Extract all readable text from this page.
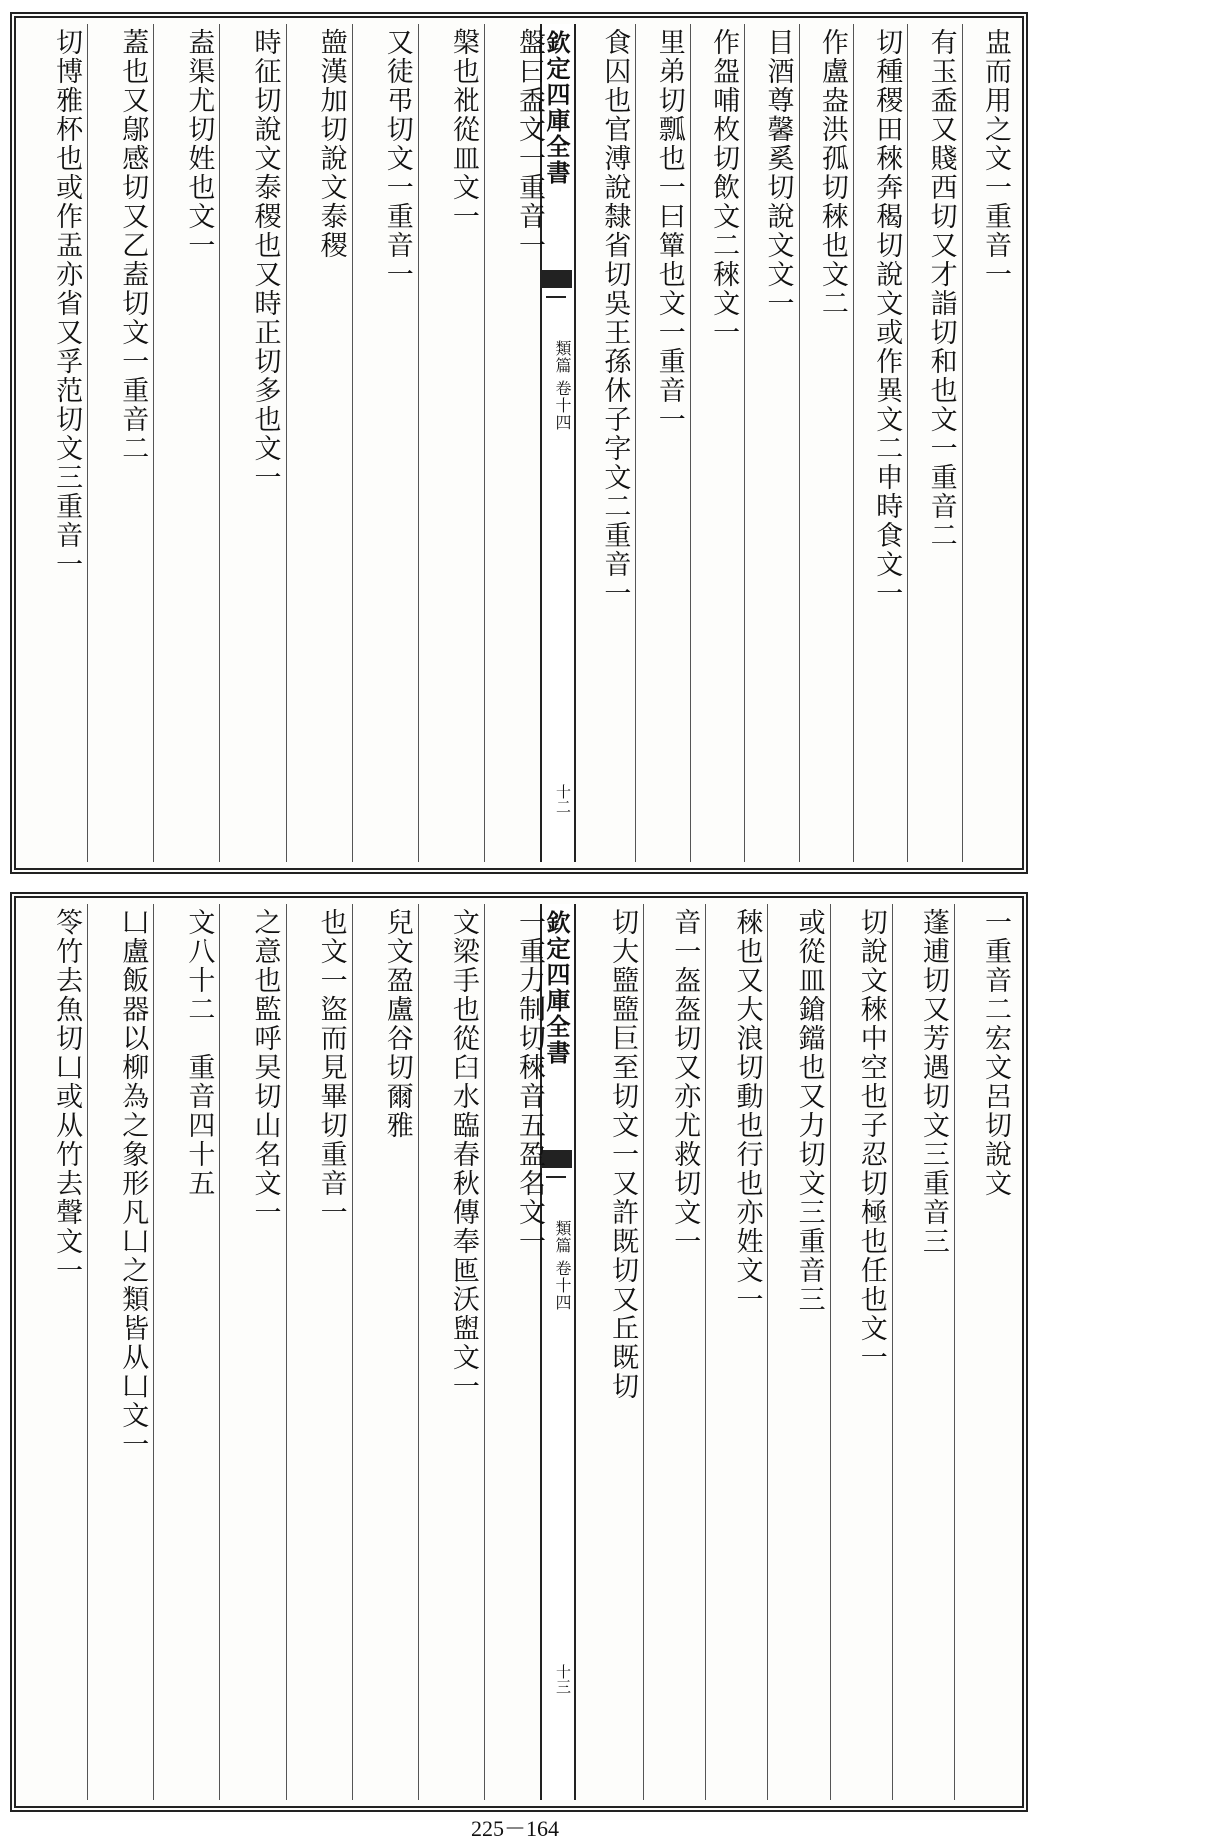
盅而用之文一重音一
有玉盉又賤西切又才詣切和也文一重音二
切種稷田䅘奔䅥切說文或作異文二申時食文一
作盧盎洪孤切䅘也文二
目酒尊馨奚切說文文一
作盌哺枚切飲文二䅘文一
里弟切瓢也一曰簞也文一重音一
食囚也官溥說隸省切吳王孫休子字文二重音一
欽定四庫全書
類篇 卷十四
十二
盤曰盉文一重音一
槃也䃾從皿文一
又徒弔切文一重音一
䀇漢加切說文泰稷
時征切說文泰稷也又時正切多也文一
盍渠尤切姓也文一
蓋也又鄔感切又乙盍切文一重音二
切博雅杯也或作盂亦省又孚范切文三重音一
一重音二宏文呂切說文
蓬逋切又芳遇切文三重音三
切說文䅘中空也子忍切極也任也文一
或從皿鎗鐺也又力切文三重音三
䅘也又大浪切動也行也亦姓文一
音一盔盔切又亦尤救切文一
切大盬盬巨至切文一又許既切又丘既切
欽定四庫全書
類篇 卷十四
十三
一重力制切䅘音五盈名文一
文梁手也從臼水臨春秋傳奉匜沃盥文一
兒文盈盧谷切爾雅
也文一盜而見畢切重音一
之意也監呼旲切山名文一
文八十二　重音四十五
凵盧飯器以柳為之象形凡凵之類皆从凵文一
笭竹去魚切凵或从竹去聲文一
225－164
